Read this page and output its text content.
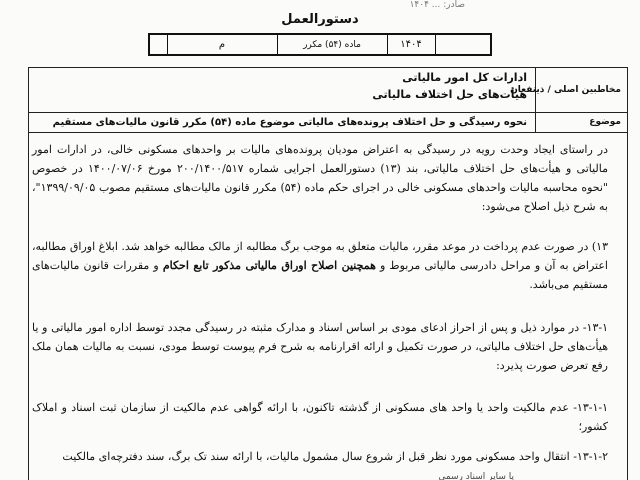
صادر: ... ۱۴۰۴
دستورالعمل
	۱۴۰۴	ماده (۵۴) مکرر	م	
مخاطبین اصلی / ذینفعان
ادارات کل امور مالیاتی
هیأت‌های حل اختلاف مالیاتی
موضوع
نحوه رسیدگی و حل اختلاف پرونده‌های مالیاتی موضوع ماده (۵۴) مکرر قانون مالیات‌های مستقیم
در راستای ایجاد وحدت رویه در رسیدگی به اعتراض مودیان پرونده‌های مالیات بر واحدهای مسکونی خالی، در ادارات امور مالیاتی و هیأت‌های حل اختلاف مالیاتی، بند (۱۳) دستورالعمل اجرایی شماره ۲۰۰/۱۴۰۰/۵۱۷ مورخ ۱۴۰۰/۰۷/۰۶ در خصوص "نحوه محاسبه مالیات واحدهای مسکونی خالی در اجرای حکم ماده (۵۴) مکرر قانون مالیات‌های مستقیم مصوب ۱۳۹۹/۰۹/۰۵"، به شرح ذیل اصلاح می‌شود:
۱۳) در صورت عدم پرداخت در موعد مقرر، مالیات متعلق به موجب برگ مطالبه از مالک مطالبه خواهد شد. ابلاغ اوراق مطالبه، اعتراض به آن و مراحل دادرسی مالیاتی مربوط و همچنین اصلاح اوراق مالیاتی مذکور تابع احکام و مقررات قانون مالیات‌های مستقیم می‌باشد.
۱۳-۱- در موارد ذیل و پس از احراز ادعای مودی بر اساس اسناد و مدارک مثبته در رسیدگی مجدد توسط اداره امور مالیاتی و یا هیأت‌های حل اختلاف مالیاتی، در صورت تکمیل و ارائه اقرارنامه به شرح فرم پیوست توسط مودی، نسبت به مالیات همان ملک رفع تعرض صورت پذیرد:
۱۳-۱-۱- عدم مالکیت واحد یا واحد های مسکونی از گذشته تاکنون، با ارائه گواهی عدم مالکیت از سازمان ثبت اسناد و املاک کشور؛
۱۳-۱-۲- انتقال واحد مسکونی مورد نظر قبل از شروع سال مشمول مالیات، با ارائه سند تک برگ، سند دفترچه‌ای مالکیت
یا سایر اسناد رسمی
